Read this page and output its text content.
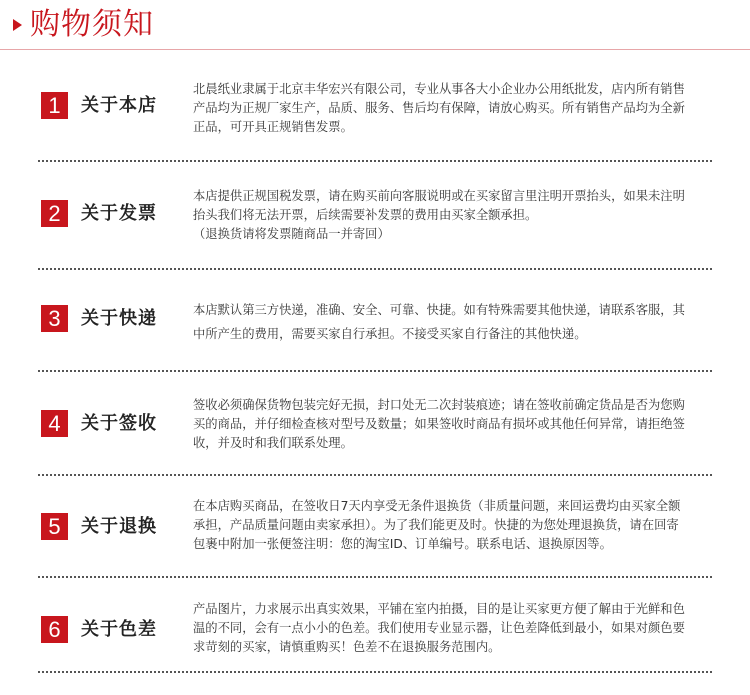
购物须知
1	关于本店
北晨纸业隶属于北京丰华宏兴有限公司，专业从事各大小企业办公用纸批发，店内所有销售
产品均为正规厂家生产，品质、服务、售后均有保障，请放心购买。所有销售产品均为全新
正品，可开具正规销售发票。
2	关于发票
本店提供正规国税发票，请在购买前向客服说明或在买家留言里注明开票抬头，如果未注明
抬头我们将无法开票，后续需要补发票的费用由买家全额承担。
（退换货请将发票随商品一并寄回）
3	关于快递	本店默认第三方快递，准确、安全、可靠、快捷。如有特殊需要其他快递，请联系客服，其
中所产生的费用，需要买家自行承担。不接受买家自行备注的其他快递。
4	关于签收
签收必须确保货物包装完好无损，封口处无二次封装痕迹；请在签收前确定货品是否为您购
买的商品，并仔细检查核对型号及数量；如果签收时商品有损坏或其他任何异常，请拒绝签
收，并及时和我们联系处理。
5	关于退换
在本店购买商品，在签收日7天内享受无条件退换货（非质量问题，来回运费均由买家全额
承担，产品质量问题由卖家承担）。为了我们能更及时。快捷的为您处理退换货，请在回寄
包裹中附加一张便签注明：您的淘宝ID、订单编号。联系电话、退换原因等。
6	关于色差
产品图片，力求展示出真实效果，平铺在室内拍摄，目的是让买家更方便了解由于光鲜和色
温的不同，会有一点小小的色差。我们使用专业显示器，让色差降低到最小，如果对颜色要
求苛刻的买家，请慎重购买！色差不在退换服务范围内。
